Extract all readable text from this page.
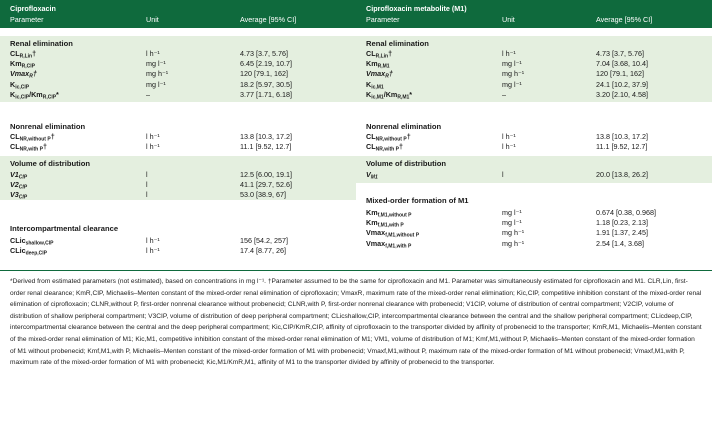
Ciprofloxacin
Parameter	Unit	Average [95% CI]
Ciprofloxacin metabolite (M1)
Parameter	Unit	Average [95% CI]
Renal elimination
$CL_{R,Lin}\dagger$	l h⁻¹	4.73 [3.7, 5.76]
$Km_{R,CIP}$	mg l⁻¹	6.45 [2.19, 10.7]
Vmax$_R$†	mg h⁻¹	120 [79.1, 162]
$K_{ic,CIP}$	mg l⁻¹	18.2 [5.97, 30.5]
$K_{ic,CIP}/Km_{R,CIP}*$	–	3.77 [1.71, 6.18]
Nonrenal elimination
$CL_{NR,without P}\dagger$	l h⁻¹	13.8 [10.3, 17.2]
$CL_{NR,with P}\dagger$	l h⁻¹	11.1 [9.52, 12.7]
Volume of distribution
$V1_{CIP}$	l	12.5 [6.00, 19.1]
$V2_{CIP}$	l	41.1 [29.7, 52.6]
$V3_{CIP}$	l	53.0 [38.9, 67]
Intercompartmental clearance
CLic$_{shallow,CIP}$	l h⁻¹	156 [54.2, 257]
CLic$_{deep,CIP}$	l h⁻¹	17.4 [8.77, 26]
Renal elimination
$CL_{R,Lin}\dagger$	l h⁻¹	4.73 [3.7, 5.76]
$Km_{R,M1}$	mg l⁻¹	7.04 [3.68, 10.4]
Vmax$_R$†	mg h⁻¹	120 [79.1, 162]
$K_{ic,M1}$	mg l⁻¹	24.1 [10.2, 37.9]
$K_{ic,M1}/Km_{R,M1}*$	–	3.20 [2.10, 4.58]
Nonrenal elimination
$CL_{NR,without P}\dagger$	l h⁻¹	13.8 [10.3, 17.2]
$CL_{NR,with P}\dagger$	l h⁻¹	11.1 [9.52, 12.7]
Volume of distribution
$V_{M1}$	l	20.0 [13.8, 26.2]
Mixed-order formation of M1
$Km_{f,M1,without P}$	mg l⁻¹	0.674 [0.38, 0.968]
$Km_{f,M1,with P}$	mg l⁻¹	1.18 [0.23, 2.13]
Vmax$_{f,M1,without P}$	mg h⁻¹	1.91 [1.37, 2.45]
Vmax$_{f,M1,with P}$	mg h⁻¹	2.54 [1.4, 3.68]

*Derived from estimated parameters (not estimated), based on concentrations in mg l⁻¹. †Parameter assumed to be the same for ciprofloxacin and M1. Parameter was simultaneously estimated for ciprofloxacin and M1. CLR,Lin, first-order renal clearance; KmR,CIP, Michaelis–Menten constant of the mixed-order renal elimination of ciprofloxacin; VmaxR, maximum rate of the mixed-order renal elimination; Kic,CIP, competitive inhibition constant of the mixed-order renal elimination of ciprofloxacin; CLNR,without P, first-order nonrenal clearance without probenecid; CLNR,with P, first-order nonrenal clearance with probenecid; V1CIP, volume of distribution of central compartment; V2CIP, volume of distribution of shallow peripheral compartment; V3CIP, volume of distribution of deep peripheral compartment; CLicshallow,CIP, intercompartmental clearance between the central and the shallow peripheral compartment; CLicdeep,CIP, intercompartmental clearance between the central and the deep peripheral compartment; Kic,CIP/KmR,CIP, affinity of ciprofloxacin to the transporter divided by affinity of probenecid to the transporter; KmR,M1, Michaelis–Menten constant of the mixed-order renal elimination of M1; Kic,M1, competitive inhibition constant of the mixed-order renal elimination of M1; VM1, volume of distribution of M1; Kmf,M1,without P, Michaelis–Menten constant of the mixed-order formation of M1 without probenecid; Kmf,M1,with P, Michaelis–Menten constant of the mixed-order formation of M1 with probenecid; Vmaxf,M1,without P, maximum rate of the mixed-order formation of M1 without probenecid; Vmaxf,M1,with P, maximum rate of the mixed-order formation of M1 with probenecid; Kic,M1/KmR,M1, affinity of M1 to the transporter divided by affinity of probenecid to the transporter.
